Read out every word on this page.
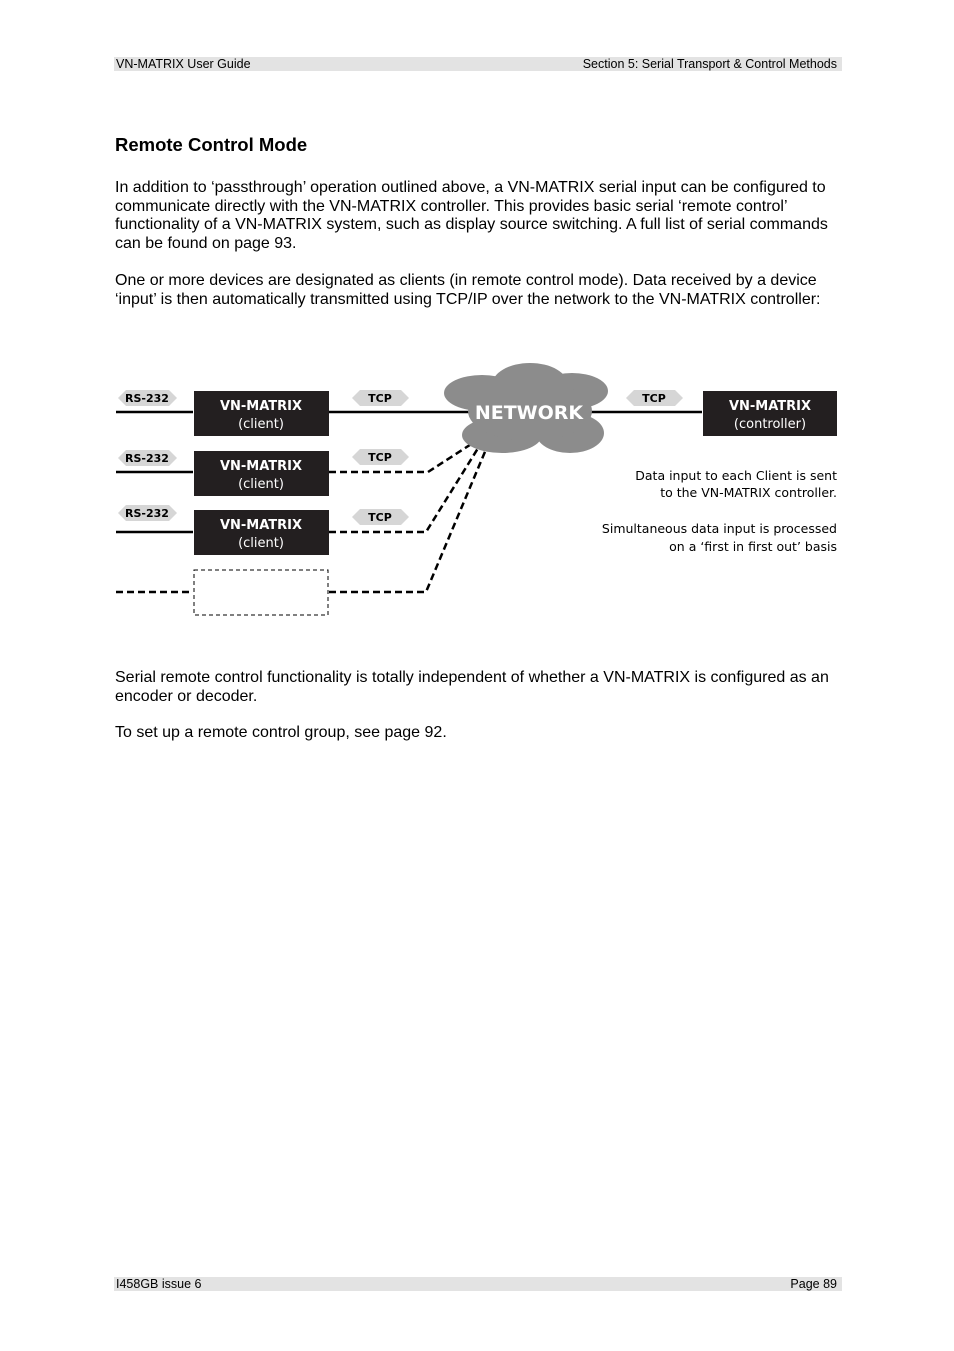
VN-MATRIX User Guide	Section 5: Serial Transport & Control Methods
Remote Control Mode

In addition to ‘passthrough’ operation outlined above, a VN-MATRIX serial input can be configured to communicate directly with the VN-MATRIX controller. This provides basic serial ‘remote control’ functionality of a VN-MATRIX system, such as display source switching. A full list of serial commands can be found on page 93.

One or more devices are designated as clients (in remote control mode). Data received by a device ‘input’ is then automatically transmitted using TCP/IP over the network to the VN-MATRIX controller:

NETWORK
RS-232
RS-232
RS-232
TCP
TCP
TCP
TCP
VN-MATRIX
(client)
VN-MATRIX
(client)
VN-MATRIX
(client)
VN-MATRIX
(controller)
Data input to each Client is sent
to the VN-MATRIX controller.
Simultaneous data input is processed
on a ‘first in first out’ basis

Serial remote control functionality is totally independent of whether a VN-MATRIX is configured as an encoder or decoder.

To set up a remote control group, see page 92.

I458GB issue 6	Page 89
